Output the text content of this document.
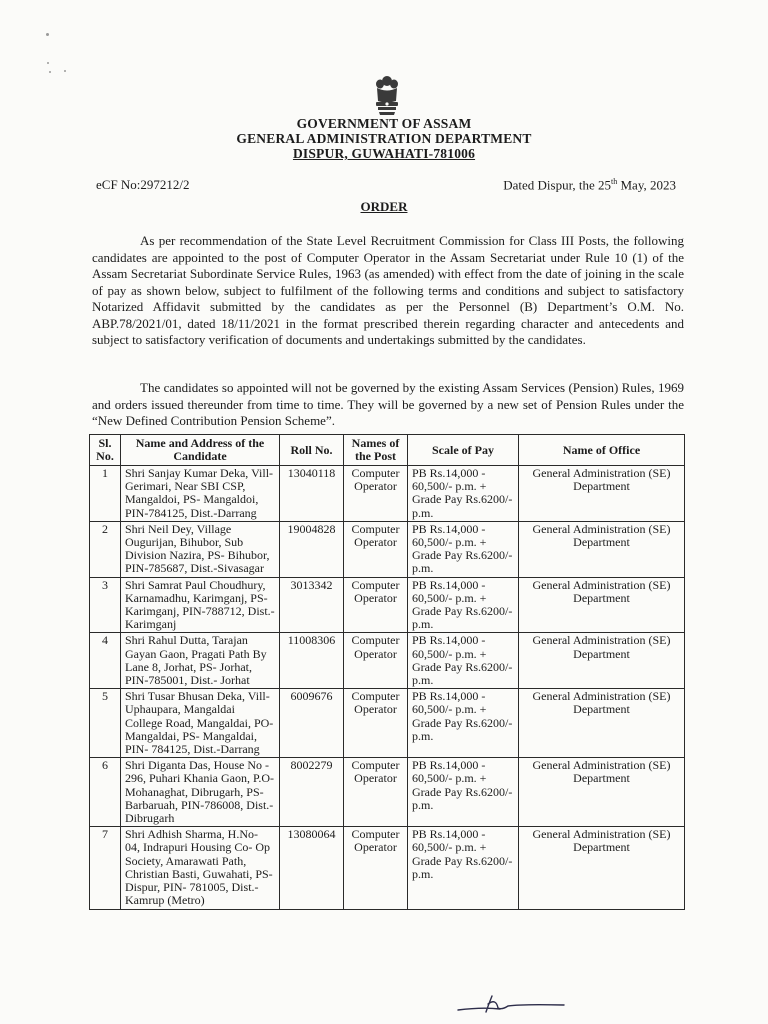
GOVERNMENT OF ASSAM
GENERAL ADMINISTRATION DEPARTMENT
DISPUR, GUWAHATI-781006
eCF No:297212/2	Dated Dispur, the 25th May, 2023
ORDER
As per recommendation of the State Level Recruitment Commission for Class III Posts, the following candidates are appointed to the post of Computer Operator in the Assam Secretariat under Rule 10 (1) of the Assam Secretariat Subordinate Service Rules, 1963 (as amended) with effect from the date of joining in the scale of pay as shown below, subject to fulfilment of the following terms and conditions and subject to satisfactory Notarized Affidavit submitted by the candidates as per the Personnel (B) Department’s O.M. No. ABP.78/2021/01, dated 18/11/2021 in the format prescribed therein regarding character and antecedents and subject to satisfactory verification of documents and undertakings submitted by the candidates.
The candidates so appointed will not be governed by the existing Assam Services (Pension) Rules, 1969 and orders issued thereunder from time to time. They will be governed by a new set of Pension Rules under the “New Defined Contribution Pension Scheme”.
Sl. No.	Name and Address of the Candidate	Roll No.	Names of the Post	Scale of Pay	Name of Office
1	Shri Sanjay Kumar Deka, Vill- Gerimari, Near SBI CSP, Mangaldoi, PS- Mangaldoi, PIN-784125, Dist.-Darrang	13040118	Computer Operator	PB Rs.14,000 - 60,500/- p.m. + Grade Pay Rs.6200/- p.m.	General Administration (SE) Department
2	Shri Neil Dey, Village Ougurijan, Bihubor, Sub Division Nazira, PS- Bihubor, PIN-785687, Dist.-Sivasagar	19004828	Computer Operator	PB Rs.14,000 - 60,500/- p.m. + Grade Pay Rs.6200/- p.m.	General Administration (SE) Department
3	Shri Samrat Paul Choudhury, Karnamadhu, Karimganj, PS- Karimganj, PIN-788712, Dist.- Karimganj	3013342	Computer Operator	PB Rs.14,000 - 60,500/- p.m. + Grade Pay Rs.6200/- p.m.	General Administration (SE) Department
4	Shri Rahul Dutta, Tarajan Gayan Gaon, Pragati Path By Lane 8, Jorhat, PS- Jorhat, PIN-785001, Dist.- Jorhat	11008306	Computer Operator	PB Rs.14,000 - 60,500/- p.m. + Grade Pay Rs.6200/- p.m.	General Administration (SE) Department
5	Shri Tusar Bhusan Deka, Vill- Uphaupara, Mangaldai College Road, Mangaldai, PO- Mangaldai, PS- Mangaldai, PIN- 784125, Dist.-Darrang	6009676	Computer Operator	PB Rs.14,000 - 60,500/- p.m. + Grade Pay Rs.6200/- p.m.	General Administration (SE) Department
6	Shri Diganta Das, House No - 296, Puhari Khania Gaon, P.O- Mohanaghat, Dibrugarh, PS- Barbaruah, PIN-786008, Dist.- Dibrugarh	8002279	Computer Operator	PB Rs.14,000 - 60,500/- p.m. + Grade Pay Rs.6200/- p.m.	General Administration (SE) Department
7	Shri Adhish Sharma, H.No- 04, Indrapuri Housing Co- Op Society, Amarawati Path, Christian Basti, Guwahati, PS- Dispur, PIN- 781005, Dist.-Kamrup (Metro)	13080064	Computer Operator	PB Rs.14,000 - 60,500/- p.m. + Grade Pay Rs.6200/- p.m.	General Administration (SE) Department
